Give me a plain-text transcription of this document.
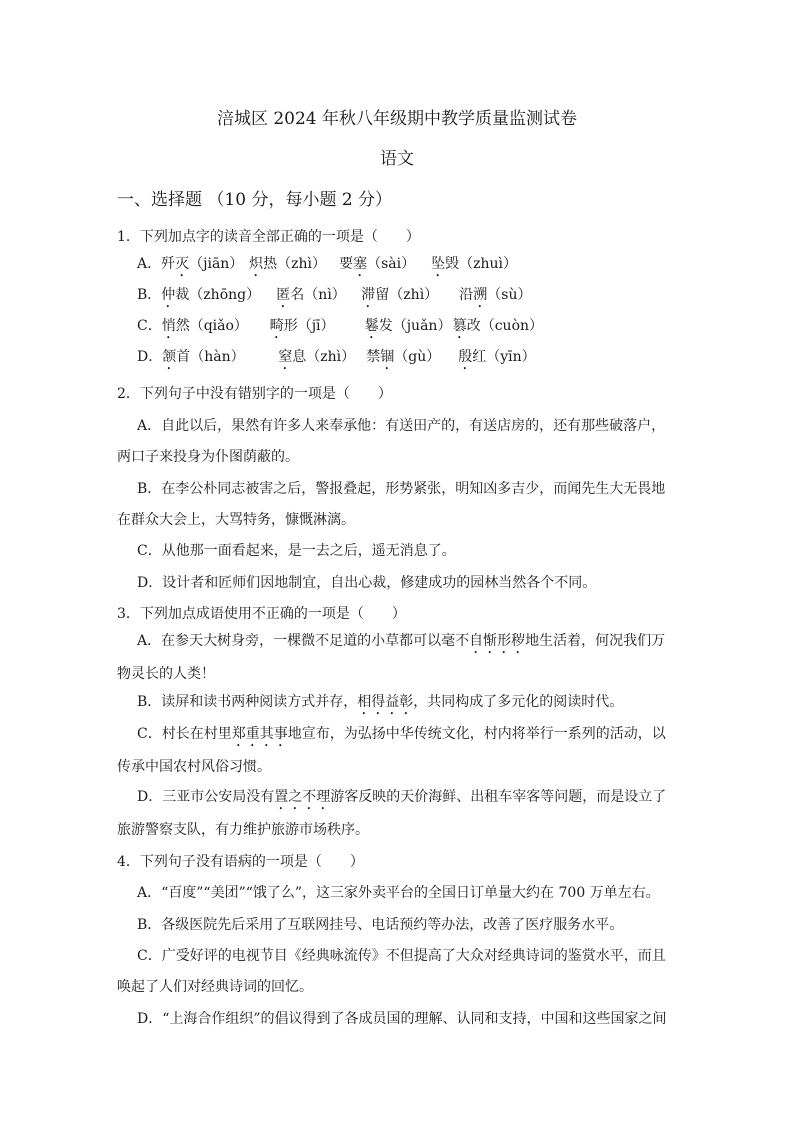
涪城区 2024 年秋八年级期中教学质量监测试卷
语文
一、选择题 （10 分，每小题 2 分）
1．下列加点字的读音全部正确的一项是（　　）
A．歼灭（jiān） 炽热（zhì） 要塞（sài） 坠毁（zhuì）
B．仲裁（zhōng） 匿名（nì） 滞留（zhì） 沿溯（sù）
C．悄然（qiǎo） 畸形（jī） 鬈发（juǎn）篡改（cuòn）
D．颔首（hàn） 窒息（zhì） 禁锢（gù） 殷红（yīn）
2．下列句子中没有错别字的一项是（　　）
A．自此以后，果然有许多人来奉承他：有送田产的，有送店房的，还有那些破落户，
两口子来投身为仆图荫蔽的。
B．在李公朴同志被害之后，警报叠起，形势紧张，明知凶多吉少，而闻先生大无畏地
在群众大会上，大骂特务，慷慨淋漓。
C．从他那一面看起来，是一去之后，遥无消息了。
D．设计者和匠师们因地制宜，自出心裁，修建成功的园林当然各个不同。
3．下列加点成语使用不正确的一项是（　　）
A．在参天大树身旁，一棵微不足道的小草都可以毫不自惭形秽地生活着，何况我们万
物灵长的人类！
B．读屏和读书两种阅读方式并存，相得益彰，共同构成了多元化的阅读时代。
C．村长在村里郑重其事地宣布，为弘扬中华传统文化，村内将举行一系列的活动，以
传承中国农村风俗习惯。
D．三亚市公安局没有置之不理游客反映的天价海鲜、出租车宰客等问题，而是设立了
旅游警察支队，有力维护旅游市场秩序。
4．下列句子没有语病的一项是（　　）
A．“百度”“美团”“饿了么”，这三家外卖平台的全国日订单量大约在 700 万单左右。
B．各级医院先后采用了互联网挂号、电话预约等办法，改善了医疗服务水平。
C．广受好评的电视节目《经典咏流传》不但提高了大众对经典诗词的鉴赏水平，而且
唤起了人们对经典诗词的回忆。
D．“上海合作组织”的倡议得到了各成员国的理解、认同和支持，中国和这些国家之间
